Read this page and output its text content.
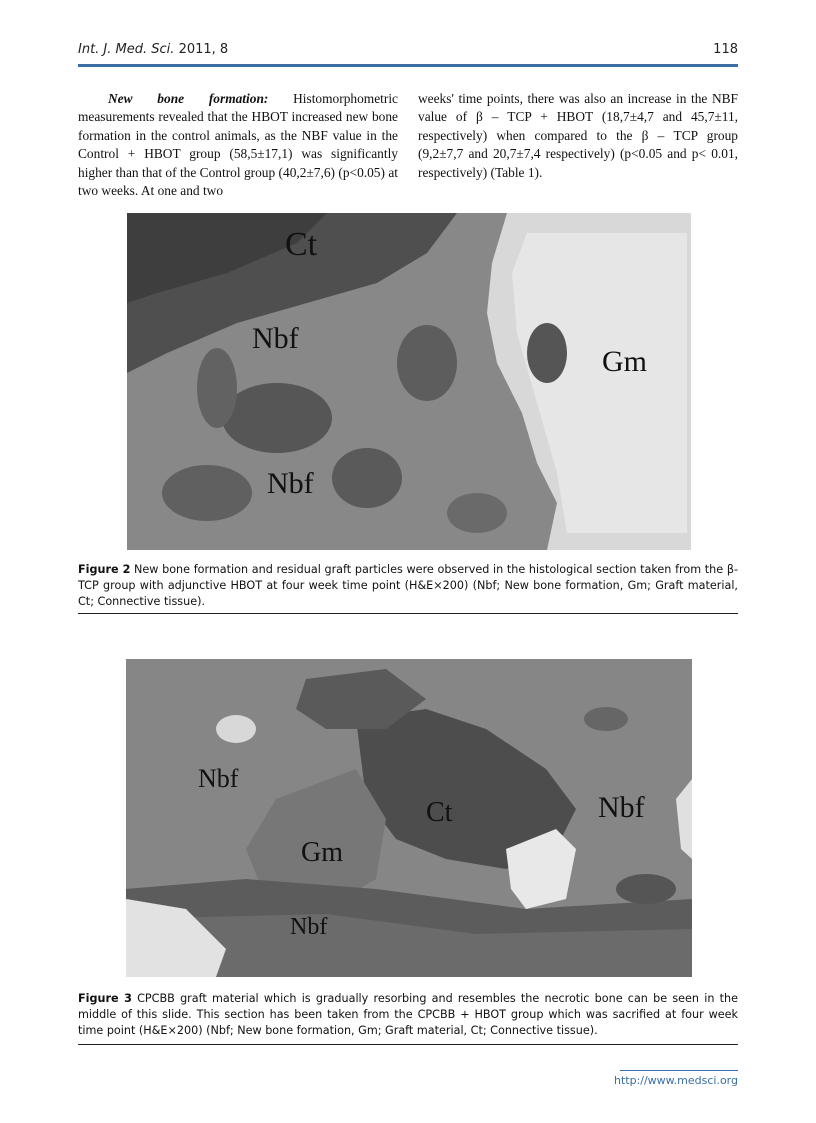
Int. J. Med. Sci. 2011, 8	118
New bone formation: Histomorphometric measurements revealed that the HBOT increased new bone formation in the control animals, as the NBF value in the Control + HBOT group (58,5±17,1) was significantly higher than that of the Control group (40,2±7,6) (p<0.05) at two weeks. At one and two
weeks' time points, there was also an increase in the NBF value of β – TCP + HBOT (18,7±4,7 and 45,7±11, respectively) when compared to the β – TCP group (9,2±7,7 and 20,7±7,4 respectively) (p<0.05 and p< 0.01, respectively) (Table 1).
Ct
Nbf
Gm
Nbf
Figure 2 New bone formation and residual graft particles were observed in the histological section taken from the β-TCP group with adjunctive HBOT at four week time point (H&E×200) (Nbf; New bone formation, Gm; Graft material, Ct; Connective tissue).
Nbf
Ct	Nbf
Gm
Nbf
Figure 3 CPCBB graft material which is gradually resorbing and resembles the necrotic bone can be seen in the middle of this slide. This section has been taken from the CPCBB + HBOT group which was sacrified at four week time point (H&E×200) (Nbf; New bone formation, Gm; Graft material, Ct; Connective tissue).
http://www.medsci.org
